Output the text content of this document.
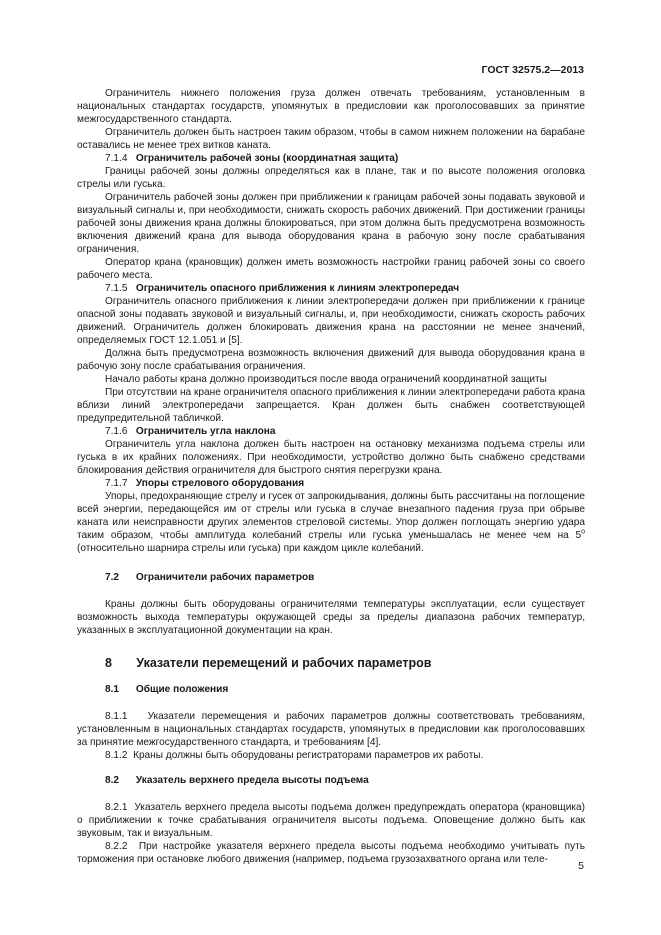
ГОСТ 32575.2—2013

Ограничитель нижнего положения груза должен отвечать требованиям, установленным в национальных стандартах государств, упомянутых в предисловии как проголосовавших за принятие межгосударственного стандарта.

Ограничитель должен быть настроен таким образом, чтобы в самом нижнем положении на барабане оставались не менее трех витков каната.

7.1.4 Ограничитель рабочей зоны (координатная защита)

Границы рабочей зоны должны определяться как в плане, так и по высоте положения оголовка стрелы или гуська.

Ограничитель рабочей зоны должен при приближении к границам рабочей зоны подавать звуковой и визуальный сигналы и, при необходимости, снижать скорость рабочих движений. При достижении границы рабочей зоны движения крана должны блокироваться, при этом должна быть предусмотрена возможность включения движений крана для вывода оборудования крана в рабочую зону после срабатывания ограничения.

Оператор крана (крановщик) должен иметь возможность настройки границ рабочей зоны со своего рабочего места.

7.1.5 Ограничитель опасного приближения к линиям электропередач

Ограничитель опасного приближения к линии электропередачи должен при приближении к границе опасной зоны подавать звуковой и визуальный сигналы, и, при необходимости, снижать скорость рабочих движений. Ограничитель должен блокировать движения крана на расстоянии не менее значений, определяемых ГОСТ 12.1.051 и [5].

Должна быть предусмотрена возможность включения движений для вывода оборудования крана в рабочую зону после срабатывания ограничения.

Начало работы крана должно производиться после ввода ограничений координатной защиты

При отсутствии на кране ограничителя опасного приближения к линии электропередачи работа крана вблизи линий электропередачи запрещается. Кран должен быть снабжен соответствующей предупредительной табличкой.

7.1.6 Ограничитель угла наклона

Ограничитель угла наклона должен быть настроен на остановку механизма подъема стрелы или гуська в их крайних положениях. При необходимости, устройство должно быть снабжено средствами блокирования действия ограничителя для быстрого снятия перегрузки крана.

7.1.7 Упоры стрелового оборудования

Упоры, предохраняющие стрелу и гусек от запрокидывания, должны быть рассчитаны на поглощение всей энергии, передающейся им от стрелы или гуська в случае внезапного падения груза при обрыве каната или неисправности других элементов стреловой системы. Упор должен поглощать энергию удара таким образом, чтобы амплитуда колебаний стрелы или гуська уменьшалась не менее чем на 5$^o$ (относительно шарнира стрелы или гуська) при каждом цикле колебаний.

7.2 Ограничители рабочих параметров

Краны должны быть оборудованы ограничителями температуры эксплуатации, если существует возможность выхода температуры окружающей среды за пределы диапазона рабочих температур, указанных в эксплуатационной документации на кран.

8 Указатели перемещений и рабочих параметров

8.1 Общие положения

8.1.1 Указатели перемещения и рабочих параметров должны соответствовать требованиям, установленным в национальных стандартах государств, упомянутых в предисловии как проголосовавших за принятие межгосударственного стандарта, и требованиям [4].

8.1.2 Краны должны быть оборудованы регистраторами параметров их работы.

8.2 Указатель верхнего предела высоты подъема

8.2.1 Указатель верхнего предела высоты подъема должен предупреждать оператора (крановщика) о приближении к точке срабатывания ограничителя высоты подъема. Оповещение должно быть как звуковым, так и визуальным.

8.2.2 При настройке указателя верхнего предела высоты подъема необходимо учитывать путь торможения при остановке любого движения (например, подъема грузозахватного органа или теле-

5
